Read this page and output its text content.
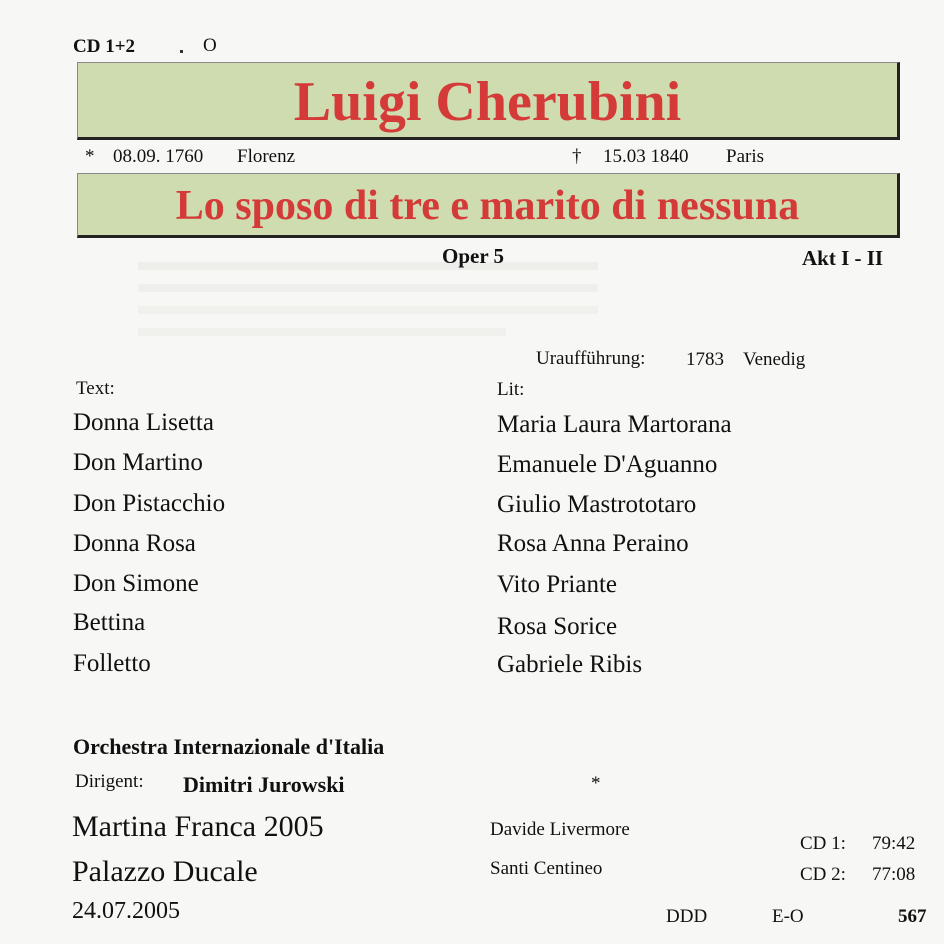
CD 1+2	O
Luigi Cherubini
* 08.09. 1760 Florenz	† 15.03 1840 Paris
Lo sposo di tre e marito di nessuna
Oper 5	Akt I - II
Uraufführung: 1783 Venedig
Text:	Lit:
Donna Lisetta	Maria Laura Martorana
Don Martino	Emanuele D'Aguanno
Don Pistacchio	Giulio Mastrototaro
Donna Rosa	Rosa Anna Peraino
Don Simone	Vito Priante
Bettina	Rosa Sorice
Folletto	Gabriele Ribis
Orchestra Internazionale d'Italia
Dirigent: Dimitri Jurowski	*
Martina Franca 2005
Palazzo Ducale
24.07.2005
Davide Livermore
Santi Centineo
CD 1: 79:42
CD 2: 77:08
DDD	E-O	567
